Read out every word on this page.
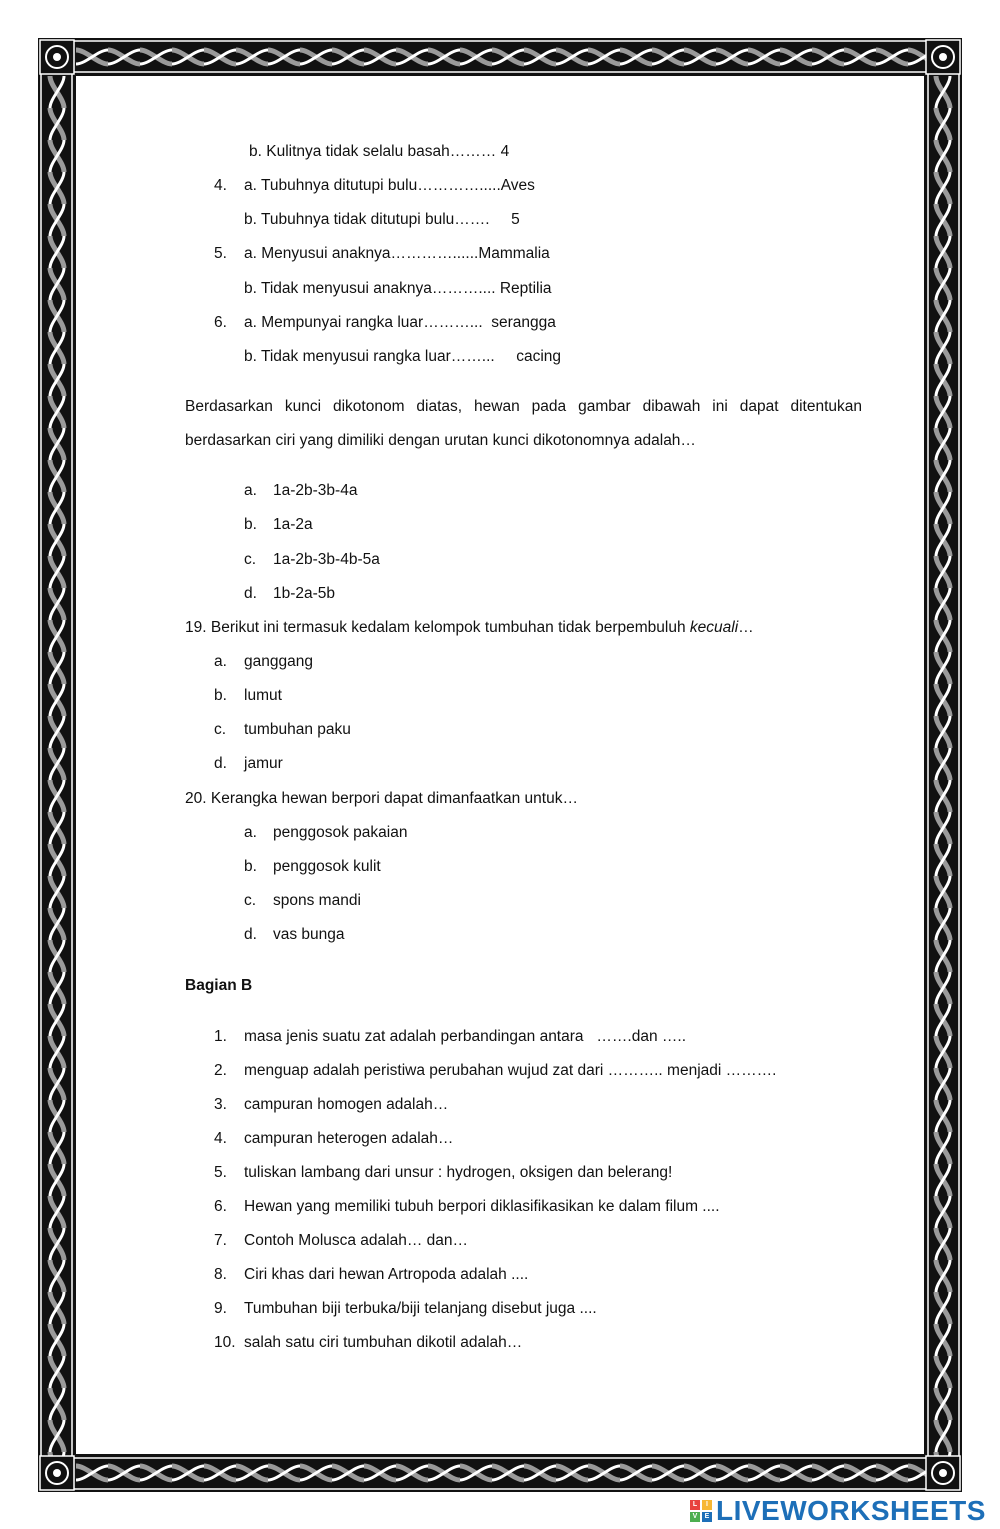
b. Kulitnya tidak selalu basah……… 4
4. a. Tubuhnya ditutupi bulu………….....Aves
b. Tubuhnya tidak ditutupi bulu…….     5
5. a. Menyusui anaknya…………......Mammalia
b. Tidak menyusui anaknya……….... Reptilia
6. a. Mempunyai rangka luar………...  serangga
b. Tidak menyusui rangka luar……...     cacing
Berdasarkan kunci dikotonom diatas, hewan pada gambar dibawah ini dapat ditentukan
berdasarkan ciri yang dimiliki dengan urutan kunci dikotonomnya adalah…
a. 1a-2b-3b-4a
b. 1a-2a
c. 1a-2b-3b-4b-5a
d. 1b-2a-5b
19. Berikut ini termasuk kedalam kelompok tumbuhan tidak berpembuluh kecuali…
a. ganggang
b. lumut
c. tumbuhan paku
d. jamur
20. Kerangka hewan berpori dapat dimanfaatkan untuk…
a. penggosok pakaian
b. penggosok kulit
c. spons mandi
d. vas bunga
Bagian B
1. masa jenis suatu zat adalah perbandingan antara   …….dan …..
2. menguap adalah peristiwa perubahan wujud zat dari ……….. menjadi ……….
3. campuran homogen adalah…
4. campuran heterogen adalah…
5. tuliskan lambang dari unsur : hydrogen, oksigen dan belerang!
6. Hewan yang memiliki tubuh berpori diklasifikasikan ke dalam filum ....
7. Contoh Molusca adalah… dan…
8. Ciri khas dari hewan Artropoda adalah ....
9. Tumbuhan biji terbuka/biji telanjang disebut juga ....
10. salah satu ciri tumbuhan dikotil adalah…
L	I
V	E LIVEWORKSHEETS
